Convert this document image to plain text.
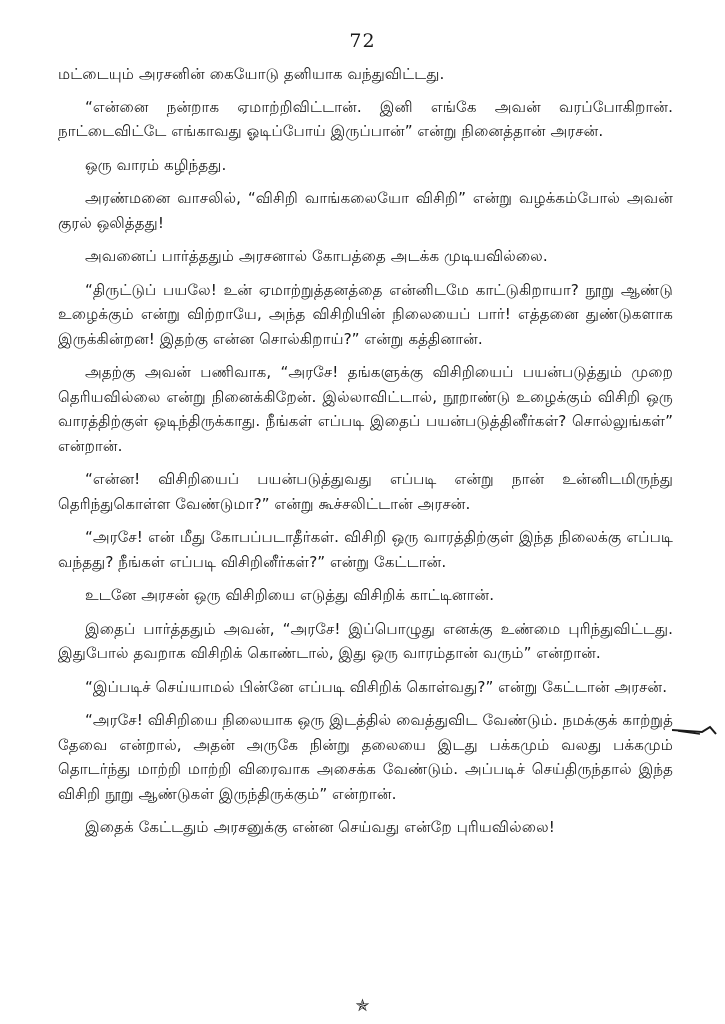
72

மட்டையும் அரசனின் கையோடு தனியாக வந்துவிட்டது.

“என்னை நன்றாக ஏமாற்றிவிட்டான். இனி எங்கே அவன் வரப்போகிறான். நாட்டைவிட்டே எங்காவது ஓடிப்போய் இருப்பான்” என்று நினைத்தான் அரசன்.

ஒரு வாரம் கழிந்தது.

அரண்மனை வாசலில், “விசிறி வாங்கலையோ விசிறி” என்று வழக்கம்போல் அவன் குரல் ஒலித்தது!

அவனைப் பார்த்ததும் அரசனால் கோபத்தை அடக்க முடியவில்லை.

“திருட்டுப் பயலே! உன் ஏமாற்றுத்தனத்தை என்னிடமே காட்டுகிறாயா? நூறு ஆண்டு உழைக்கும் என்று விற்றாயே, அந்த விசிறியின் நிலையைப் பார்! எத்தனை துண்டுகளாக இருக்கின்றன! இதற்கு என்ன சொல்கிறாய்?” என்று கத்தினான்.

அதற்கு அவன் பணிவாக, “அரசே! தங்களுக்கு விசிறியைப் பயன்படுத்தும் முறை தெரியவில்லை என்று நினைக்கிறேன். இல்லாவிட்டால், நூறாண்டு உழைக்கும் விசிறி ஒரு வாரத்திற்குள் ஒடிந்திருக்காது. நீங்கள் எப்படி இதைப் பயன்படுத்தினீர்கள்? சொல்லுங்கள்” என்றான்.

“என்ன! விசிறியைப் பயன்படுத்துவது எப்படி என்று நான் உன்னிடமிருந்து தெரிந்துகொள்ள வேண்டுமா?” என்று கூச்சலிட்டான் அரசன்.

“அரசே! என் மீது கோபப்படாதீர்கள். விசிறி ஒரு வாரத்திற்குள் இந்த நிலைக்கு எப்படி வந்தது? நீங்கள் எப்படி விசிறினீர்கள்?” என்று கேட்டான்.

உடனே அரசன் ஒரு விசிறியை எடுத்து விசிறிக் காட்டினான்.

இதைப் பார்த்ததும் அவன், “அரசே! இப்பொழுது எனக்கு உண்மை புரிந்துவிட்டது. இதுபோல் தவறாக விசிறிக் கொண்டால், இது ஒரு வாரம்தான் வரும்” என்றான்.

“இப்படிச் செய்யாமல் பின்னே எப்படி விசிறிக் கொள்வது?” என்று கேட்டான் அரசன்.

“அரசே! விசிறியை நிலையாக ஒரு இடத்தில் வைத்துவிட வேண்டும். நமக்குக் காற்றுத் தேவை என்றால், அதன் அருகே நின்று தலையை இடது பக்கமும் வலது பக்கமும் தொடர்ந்து மாற்றி மாற்றி விரைவாக அசைக்க வேண்டும். அப்படிச் செய்திருந்தால் இந்த விசிறி நூறு ஆண்டுகள் இருந்திருக்கும்” என்றான்.

இதைக் கேட்டதும் அரசனுக்கு என்ன செய்வது என்றே புரியவில்லை!

✯
